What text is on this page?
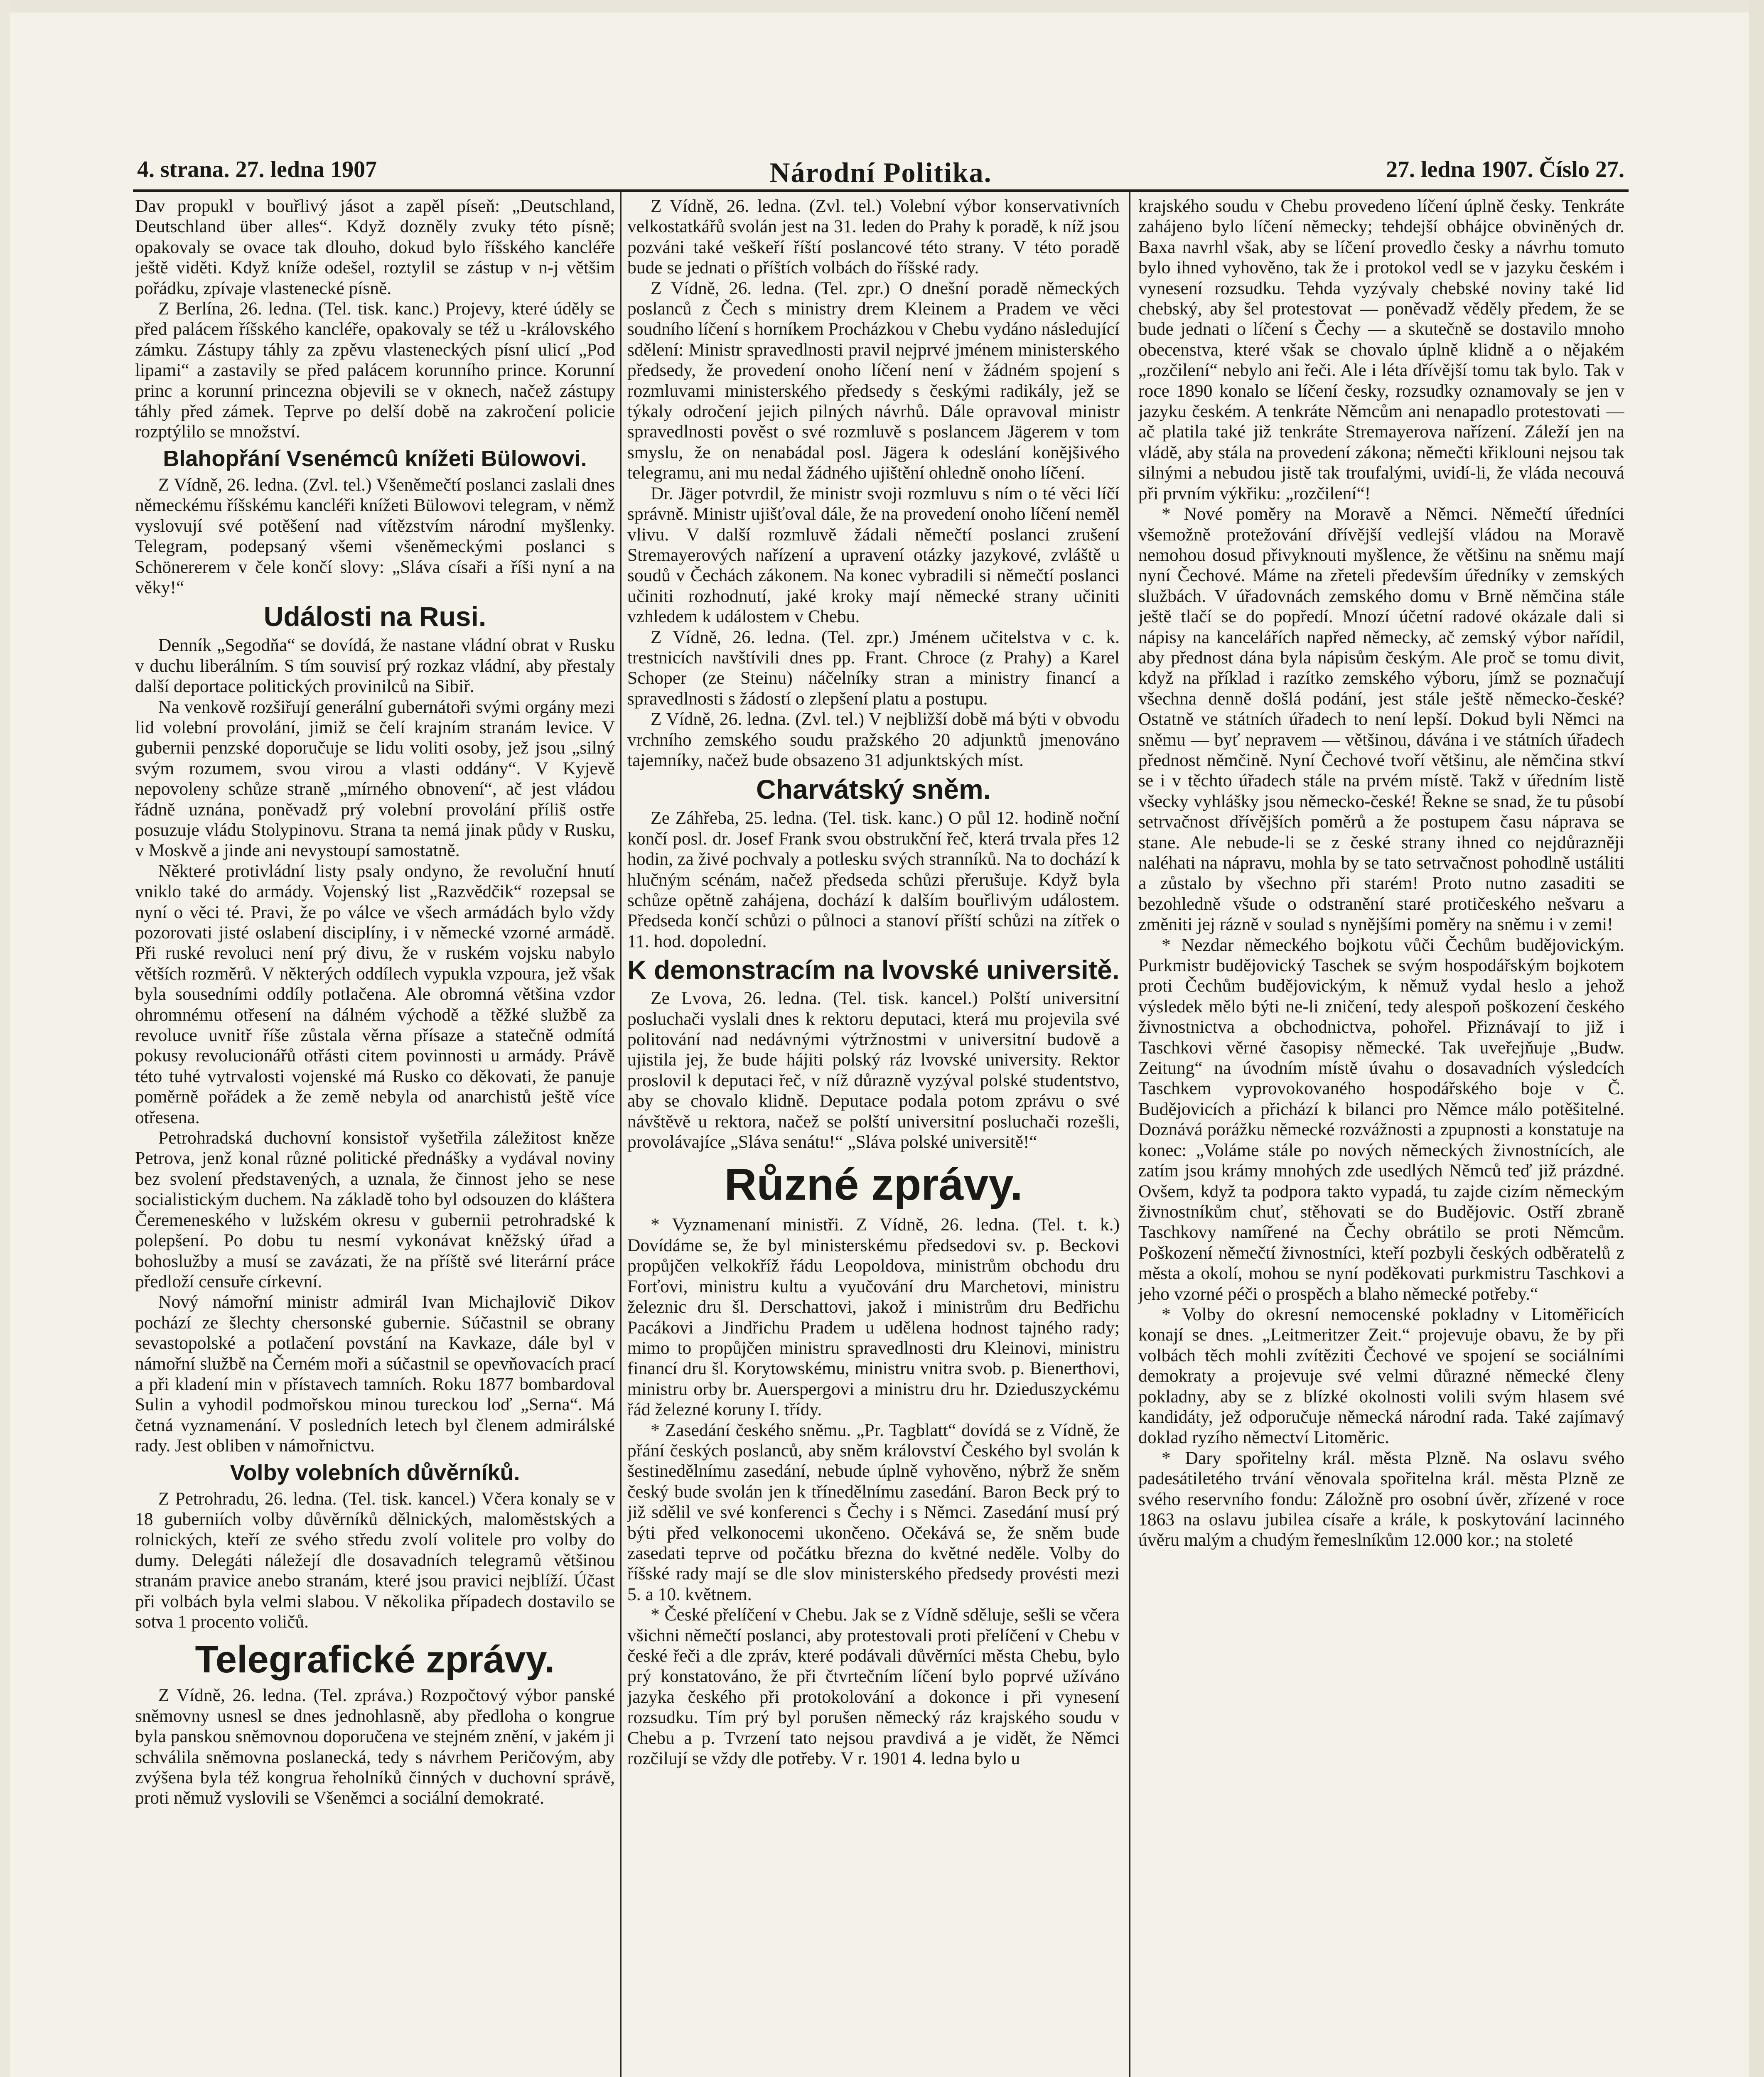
Národní Politika.
4. strana. 27. ledna 1907	27. ledna 1907. Číslo 27.

Dav propukl v bouřlivý jásot a zapěl píseň: „Deutschland, Deutschland über alles“. Když dozněly zvuky této písně; opakovaly se ovace tak dlouho, dokud bylo říšského kancléře ještě viděti. Když kníže odešel, roztylil se zástup v n-j většim pořádku, zpívaje vlastenecké písně.

Z Berlína, 26. ledna. (Tel. tisk. kanc.) Projevy, které úděly se před palácem říšského kancléře, opakovaly se též u -královského zámku. Zástupy táhly za zpěvu vlasteneckých písní ulicí „Pod lipami“ a zastavily se před palácem korunního prince. Korunní princ a korunní princezna objevili se v oknech, načež zástupy táhly před zámek. Teprve po delší době na zakročení policie rozptýlilo se množství.

Blahopřání Vsenémcû knížeti Bülowovi.

Z Vídně, 26. ledna. (Zvl. tel.) Všeněmečtí poslanci zaslali dnes německému říšskému kancléři knížeti Bülowovi telegram, v němž vyslovují své potěšení nad vítězstvím národní myšlenky. Telegram, podepsaný všemi všeněmeckými poslanci s Schönererem v čele končí slovy: „Sláva císaři a říši nyní a na věky!“

Události na Rusi.

Denník „Segodňa“ se dovídá, že nastane vládní obrat v Rusku v duchu liberálním. S tím souvisí prý rozkaz vládní, aby přestaly další deportace politických provinilců na Sibiř.

Na venkově rozšiřují generální gubernátoři svými orgány mezi lid volební provolání, jimiž se čelí krajním stranám levice. V gubernii penzské doporučuje se lidu voliti osoby, jež jsou „silný svým rozumem, svou virou a vlasti oddány“. V Kyjevě nepovoleny schůze straně „mírného obnovení“, ač jest vládou řádně uznána, poněvadž prý volební provolání příliš ostře posuzuje vládu Stolypinovu. Strana ta nemá jinak půdy v Rusku, v Moskvě a jinde ani nevystoupí samostatně.

Některé protivládní listy psaly ondyno, že revoluční hnutí vniklo také do armády. Vojenský list „Razvědčik“ rozepsal se nyní o věci té. Pravi, že po válce ve všech armádách bylo vždy pozorovati jisté oslabení disciplíny, i v německé vzorné armádě. Při ruské revoluci není prý divu, že v ruském vojsku nabylo větších rozměrů. V některých oddílech vypukla vzpoura, jež však byla sousedními oddíly potlačena. Ale obromná většina vzdor ohromnému otřesení na dálném východě a těžké službě za revoluce uvnitř říše zůstala věrna přísaze a statečně odmítá pokusy revolucionářů otřásti citem povinnosti u armády. Právě této tuhé vytrvalosti vojenské má Rusko co děkovati, že panuje poměrně pořádek a že země nebyla od anarchistů ještě více otřesena.

Petrohradská duchovní konsistoř vyšetřila záležitost kněze Petrova, jenž konal různé politické přednášky a vydával noviny bez svolení představených, a uznala, že činnost jeho se nese socialistickým duchem. Na základě toho byl odsouzen do kláštera Čeremeneského v lužském okresu v gubernii petrohradské k polepšení. Po dobu tu nesmí vykonávat kněžský úřad a bohoslužby a musí se zavázati, že na příště své literární práce předloží censuře církevní.

Nový námořní ministr admirál Ivan Michajlovič Dikov pochází ze šlechty chersonské gubernie. Súčastnil se obrany sevastopolské a potlačení povstání na Kavkaze, dále byl v námořní službě na Černém moři a súčastnil se opevňovacích prací a při kladení min v přístavech tamních. Roku 1877 bombardoval Sulin a vyhodil podmořskou minou tureckou loď „Serna“. Má četná vyznamenání. V posledních letech byl členem admirálské rady. Jest obliben v námořnictvu.

Volby volebních důvěrníků.

Z Petrohradu, 26. ledna. (Tel. tisk. kancel.) Včera konaly se v 18 guberniích volby důvěrníků dělnických, maloměstských a rolnických, kteří ze svého středu zvolí volitele pro volby do dumy. Delegáti náležejí dle dosavadních telegramů většinou stranám pravice anebo stranám, které jsou pravici nejblíží. Účast při volbách byla velmi slabou. V několika případech dostavilo se sotva 1 procento voličů.

Telegrafické zprávy.

Z Vídně, 26. ledna. (Tel. zpráva.) Rozpočtový výbor panské sněmovny usnesl se dnes jednohlasně, aby předloha o kongrue byla panskou sněmovnou doporučena ve stejném znění, v jakém ji schválila sněmovna poslanecká, tedy s návrhem Peričovým, aby zvýšena byla též kongrua řeholníků činných v duchovní správě, proti němuž vyslovili se Všeněmci a sociální demokraté.

Z Vídně, 26. ledna. (Zvl. tel.) Volební výbor konservativních velkostatkářů svolán jest na 31. leden do Prahy k poradě, k níž jsou pozváni také veškeří říští poslancové této strany. V této poradě bude se jednati o příštích volbách do říšské rady.

Z Vídně, 26. ledna. (Tel. zpr.) O dnešní poradě německých poslanců z Čech s ministry drem Kleinem a Pradem ve věci soudního líčení s horníkem Procházkou v Chebu vydáno následující sdělení: Ministr spravedlnosti pravil nejprvé jménem ministerského předsedy, že provedení onoho líčení není v žádném spojení s rozmluvami ministerského předsedy s českými radikály, jež se týkaly odročení jejich pilných návrhů. Dále opravoval ministr spravedlnosti pověst o své rozmluvě s poslancem Jägerem v tom smyslu, že on nenabádal posl. Jägera k odeslání konějšivého telegramu, ani mu nedal žádného ujištění ohledně onoho líčení.

Dr. Jäger potvrdil, že ministr svoji rozmluvu s ním o té věci líčí správně. Ministr ujišťoval dále, že na provedení onoho líčení neměl vlivu. V další rozmluvě žádali němečtí poslanci zrušení Stremayerových nařízení a upravení otázky jazykové, zvláště u soudů v Čechách zákonem. Na konec vybradili si němečtí poslanci učiniti rozhodnutí, jaké kroky mají německé strany učiniti vzhledem k událostem v Chebu.

Z Vídně, 26. ledna. (Tel. zpr.) Jménem učitelstva v c. k. trestnicích navštívili dnes pp. Frant. Chroce (z Prahy) a Karel Schoper (ze Steinu) náčelníky stran a ministry financí a spravedlnosti s žádostí o zlepšení platu a postupu.

Z Vídně, 26. ledna. (Zvl. tel.) V nejbližší době má býti v obvodu vrchního zemského soudu pražského 20 adjunktů jmenováno tajemníky, načež bude obsazeno 31 adjunktských míst.

Charvátský sněm.

Ze Záhřeba, 25. ledna. (Tel. tisk. kanc.) O půl 12. hodině noční končí posl. dr. Josef Frank svou obstrukční řeč, která trvala přes 12 hodin, za živé pochvaly a potlesku svých stranníků. Na to dochází k hlučným scénám, načež předseda schůzi přerušuje. Když byla schůze opětně zahájena, dochází k dalším bouřlivým událostem. Předseda končí schůzi o půlnoci a stanoví příští schůzi na zítřek o 11. hod. dopolední.

K demonstracím na lvovské universitě.

Ze Lvova, 26. ledna. (Tel. tisk. kancel.) Polští universitní posluchači vyslali dnes k rektoru deputaci, která mu projevila své politování nad nedávnými výtržnostmi v universitní budově a ujistila jej, že bude hájiti polský ráz lvovské university. Rektor proslovil k deputaci řeč, v níž důrazně vyzýval polské studentstvo, aby se chovalo klidně. Deputace podala potom zprávu o své návštěvě u rektora, načež se polští universitní posluchači rozešli, provolávajíce „Sláva senátu!“ „Sláva polské universitě!“

Různé zprávy.

* Vyznamenaní ministři. Z Vídně, 26. ledna. (Tel. t. k.) Dovídáme se, že byl ministerskému předsedovi sv. p. Beckovi propůjčen velkokříž řádu Leopoldova, ministrům obchodu dru Forťovi, ministru kultu a vyučování dru Marchetovi, ministru železnic dru šl. Derschattovi, jakož i ministrům dru Bedřichu Pacákovi a Jindřichu Pradem u udělena hodnost tajného rady; mimo to propůjčen ministru spravedlnosti dru Kleinovi, ministru financí dru šl. Korytowskému, ministru vnitra svob. p. Bienerthovi, ministru orby br. Auerspergovi a ministru dru hr. Dzieduszyckému řád železné koruny I. třídy.

* Zasedání českého sněmu. „Pr. Tagblatt“ dovídá se z Vídně, že přání českých poslanců, aby sněm království Českého byl svolán k šestinedělnímu zasedání, nebude úplně vyhověno, nýbrž že sněm český bude svolán jen k třínedělnímu zasedání. Baron Beck prý to již sdělil ve své konferenci s Čechy i s Němci. Zasedání musí prý býti před velkonocemi ukončeno. Očekává se, že sněm bude zasedati teprve od počátku března do květné neděle. Volby do říšské rady mají se dle slov ministerského předsedy provésti mezi 5. a 10. květnem.

* České přelíčení v Chebu. Jak se z Vídně sděluje, sešli se včera všichni němečtí poslanci, aby protestovali proti přelíčení v Chebu v české řeči a dle zpráv, které podávali důvěrníci města Chebu, bylo prý konstatováno, že při čtvrtečním líčení bylo poprvé užíváno jazyka českého při protokolování a dokonce i při vynesení rozsudku. Tím prý byl porušen německý ráz krajského soudu v Chebu a p. Tvrzení tato nejsou pravdivá a je vidět, že Němci rozčilují se vždy dle potřeby. V r. 1901 4. ledna bylo u

krajského soudu v Chebu provedeno líčení úplně česky. Tenkráte zahájeno bylo líčení německy; tehdejší obhájce obviněných dr. Baxa navrhl však, aby se líčení provedlo česky a návrhu tomuto bylo ihned vyhověno, tak že i protokol vedl se v jazyku českém i vynesení rozsudku. Tehda vyzývaly chebské noviny také lid chebský, aby šel protestovat — poněvadž věděly předem, že se bude jednati o líčení s Čechy — a skutečně se dostavilo mnoho obecenstva, které však se chovalo úplně klidně a o nějakém „rozčilení“ nebylo ani řeči. Ale i léta dřívější tomu tak bylo. Tak v roce 1890 konalo se líčení česky, rozsudky oznamovaly se jen v jazyku českém. A tenkráte Němcům ani nenapadlo protestovati — ač platila také již tenkráte Stremayerova nařízení. Záleží jen na vládě, aby stála na provedení zákona; němečti křiklouni nejsou tak silnými a nebudou jistě tak troufalými, uvidí-li, že vláda necouvá při prvním výkřiku: „rozčilení“!

* Nové poměry na Moravě a Němci. Němečtí úředníci všemožně protežování dřívější vedlejší vládou na Moravě nemohou dosud přivyknouti myšlence, že většinu na sněmu mají nyní Čechové. Máme na zřeteli především úředníky v zemských službách. V úřadovnách zemského domu v Brně němčina stále ještě tlačí se do popředí. Mnozí účetní radové okázale dali si nápisy na kancelářích napřed německy, ač zemský výbor nařídil, aby přednost dána byla nápisům českým. Ale proč se tomu divit, když na příklad i razítko zemského výboru, jímž se poznačují všechna denně došlá podání, jest stále ještě německo-české? Ostatně ve státních úřadech to není lepší. Dokud byli Němci na sněmu — byť nepravem — většinou, dávána i ve státních úřadech přednost němčině. Nyní Čechové tvoří většinu, ale němčina stkví se i v těchto úřadech stále na prvém místě. Takž v úředním listě všecky vyhlášky jsou německo-české! Řekne se snad, že tu působí setrvačnost dřívějších poměrů a že postupem času náprava se stane. Ale nebude-li se z české strany ihned co nejdůrazněji naléhati na nápravu, mohla by se tato setrvačnost pohodlně ustáliti a zůstalo by všechno při starém! Proto nutno zasaditi se bezohledně všude o odstranění staré protičeského nešvaru a změniti jej rázně v soulad s nynějšími poměry na sněmu i v zemi!

* Nezdar německého bojkotu vůči Čechům budějovickým. Purkmistr budějovický Taschek se svým hospodářským bojkotem proti Čechům budějovickým, k němuž vydal heslo a jehož výsledek mělo býti ne-li zničení, tedy alespoň poškození českého živnostnictva a obchodnictva, pohořel. Přiznávají to již i Taschkovi věrné časopisy německé. Tak uveřejňuje „Budw. Zeitung“ na úvodním místě úvahu o dosavadních výsledcích Taschkem vyprovokovaného hospodářského boje v Č. Budějovicích a přichází k bilanci pro Němce málo potěšitelné. Doznává porážku německé rozvážnosti a zpupnosti a konstatuje na konec: „Voláme stále po nových německých živnostnících, ale zatím jsou krámy mnohých zde usedlých Němců teď již prázdné. Ovšem, když ta podpora takto vypadá, tu zajde cizím německým živnostníkům chuť, stěhovati se do Budějovic. Ostří zbraně Taschkovy namířené na Čechy obrátilo se proti Němcům. Poškození němečtí živnostníci, kteří pozbyli českých odběratelů z města a okolí, mohou se nyní poděkovati purkmistru Taschkovi a jeho vzorné péči o prospěch a blaho německé potřeby.“

* Volby do okresní nemocenské pokladny v Litoměřicích konají se dnes. „Leitmeritzer Zeit.“ projevuje obavu, že by při volbách těch mohli zvítěziti Čechové ve spojení se sociálními demokraty a projevuje své velmi důrazné německé členy pokladny, aby se z blízké okolnosti volili svým hlasem své kandidáty, jež odporučuje německá národní rada. Také zajímavý doklad ryzího němectví Litoměric.

* Dary spořitelny král. města Plzně. Na oslavu svého padesátiletého trvání věnovala spořitelna král. města Plzně ze svého reservního fondu: Záložně pro osobní úvěr, zřízené v roce 1863 na oslavu jubilea císaře a krále, k poskytování lacinného úvěru malým a chudým řemeslníkům 12.000 kor.; na stoleté
